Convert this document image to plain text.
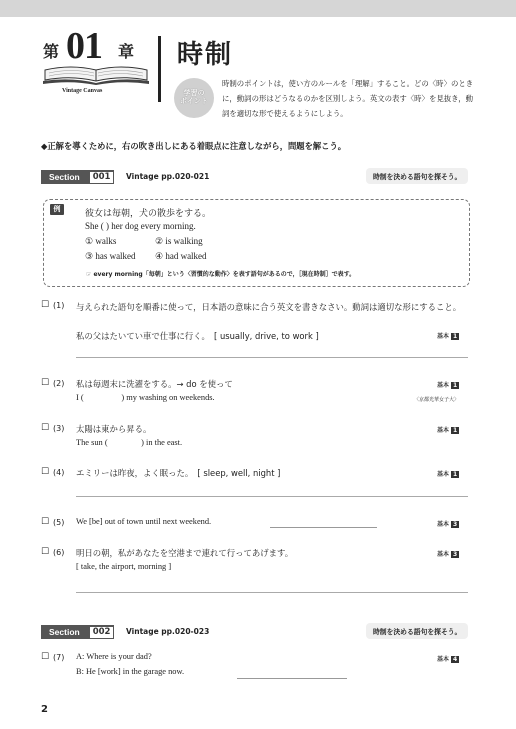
第 01 章
Vintage Canvas
時制
学習の
ポイント
時制のポイントは，使い方のルールを「理解」すること。どの〈時〉のときに，動詞の形はどうなるのかを区別しよう。英文の表す〈時〉を見抜き，動詞を適切な形で使えるようにしよう。
◆正解を導くために，右の吹き出しにある着眼点に注意しながら，問題を解こう。
Section	001	Vintage pp.020-021	時制を決める語句を探そう。
例	彼女は毎朝，犬の散歩をする。
She ( ) her dog every morning.
① walks	② is walking
③ has walked ④ had walked
☞ every morning「毎朝」という〈習慣的な動作〉を表す語句があるので，［現在時制］で表す。
☐ (1) 与えられた語句を順番に使って，日本語の意味に合う英文を書きなさい。動詞は適切な形にすること。
私の父はたいてい車で仕事に行く。　[ usually, drive, to work ]	基本 1
☐ (2) 私は毎週末に洗濯をする。→ do を使って
I (                  ) my washing on weekends.
基本 1
〈京都光華女子大〉
☐ (3) 太陽は東から昇る。
The sun (                ) in the east.
基本 1
☐ (4) エミリーは昨夜，よく眠った。　[ sleep, well, night ]	基本 1
☐ (5) We [be] out of town until next weekend.	基本 3
☐ (6) 明日の朝，私があなたを空港まで連れて行ってあげます。
[ take, the airport, morning ]
基本 3
Section	002	Vintage pp.020-023	時制を決める語句を探そう。
☐ (7) A: Where is your dad?
B: He [work] in the garage now.
基本 4
2
